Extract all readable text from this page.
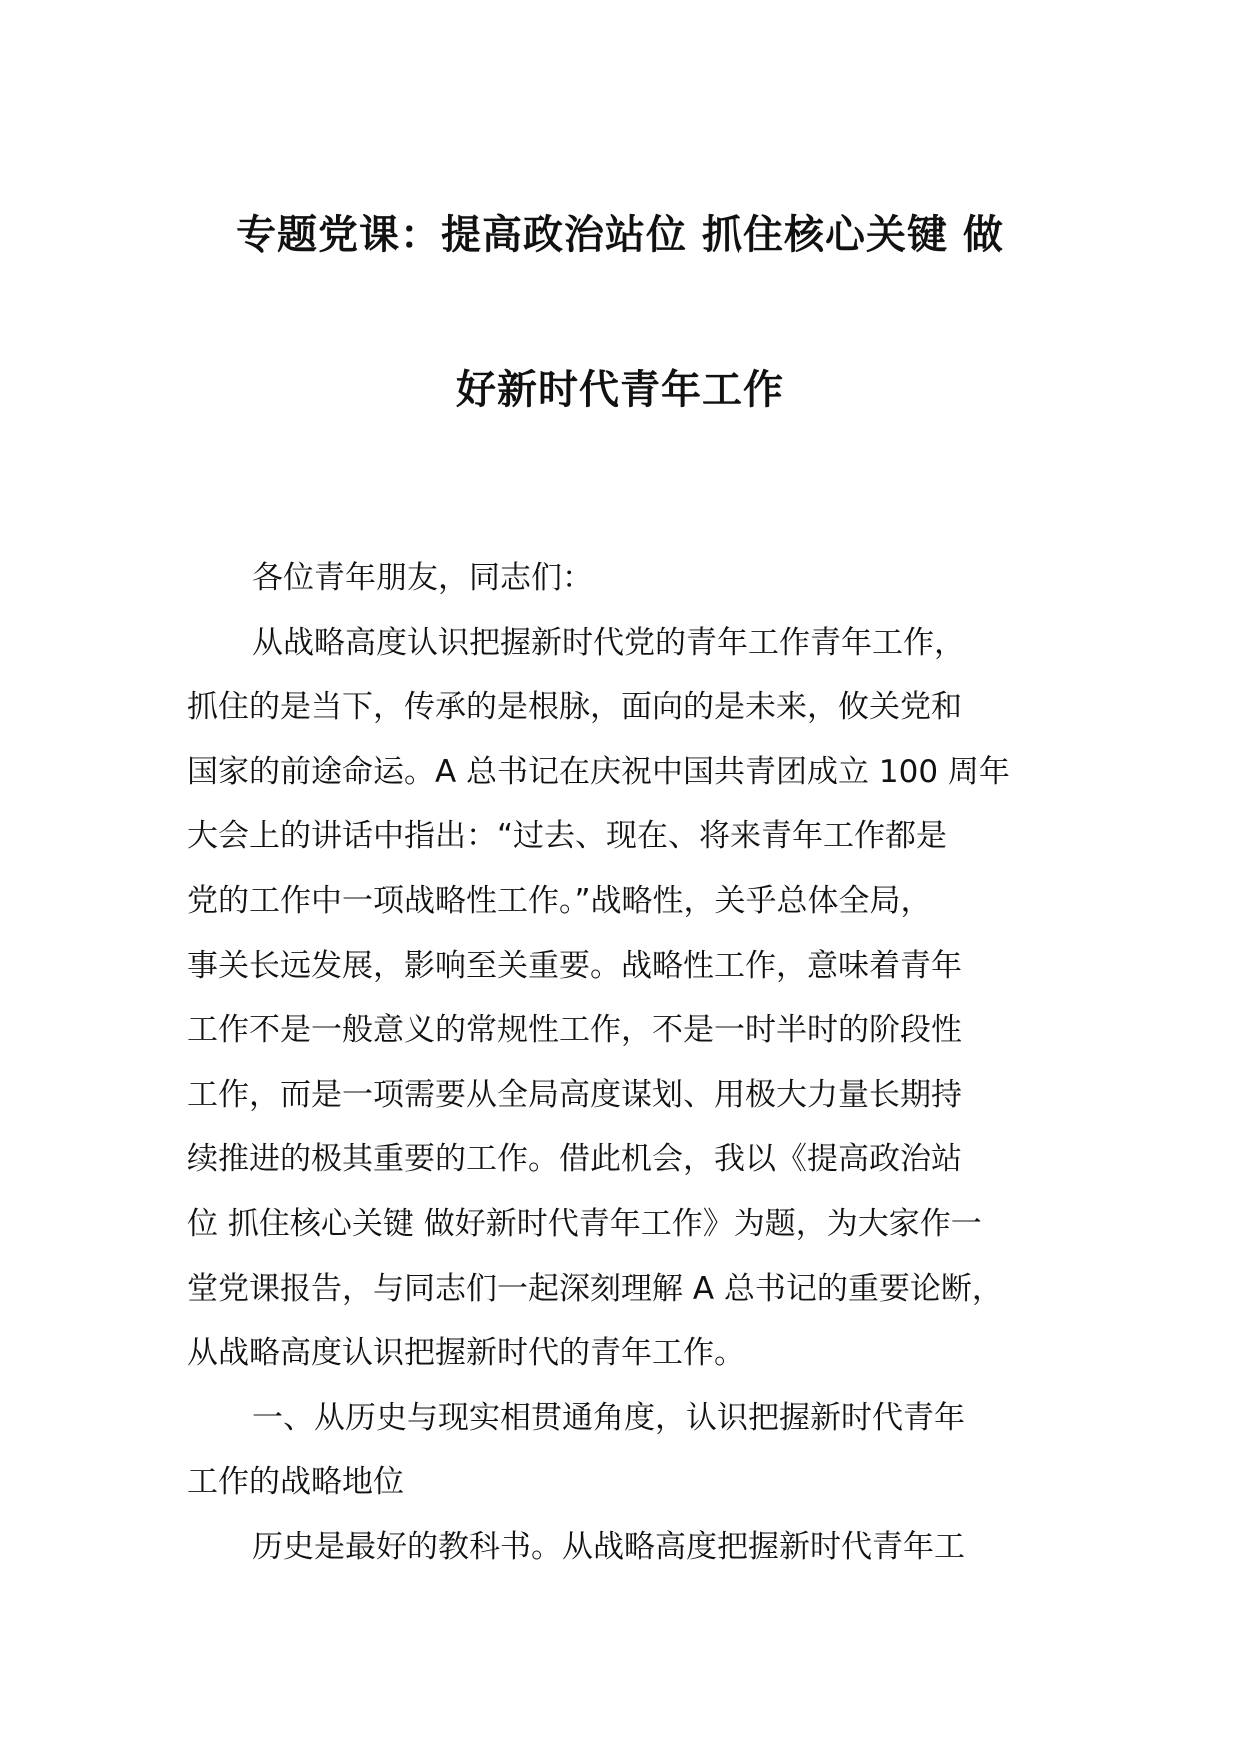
专题党课：提高政治站位 抓住核心关键 做
好新时代青年工作
各位青年朋友，同志们：
从战略高度认识把握新时代党的青年工作青年工作，
抓住的是当下，传承的是根脉，面向的是未来，攸关党和
国家的前途命运。A 总书记在庆祝中国共青团成立 100 周年
大会上的讲话中指出：“过去、现在、将来青年工作都是
党的工作中一项战略性工作。”战略性，关乎总体全局，
事关长远发展，影响至关重要。战略性工作，意味着青年
工作不是一般意义的常规性工作，不是一时半时的阶段性
工作，而是一项需要从全局高度谋划、用极大力量长期持
续推进的极其重要的工作。借此机会，我以《提高政治站
位 抓住核心关键 做好新时代青年工作》为题，为大家作一
堂党课报告，与同志们一起深刻理解 A 总书记的重要论断，
从战略高度认识把握新时代的青年工作。
一、从历史与现实相贯通角度，认识把握新时代青年
工作的战略地位
历史是最好的教科书。从战略高度把握新时代青年工
